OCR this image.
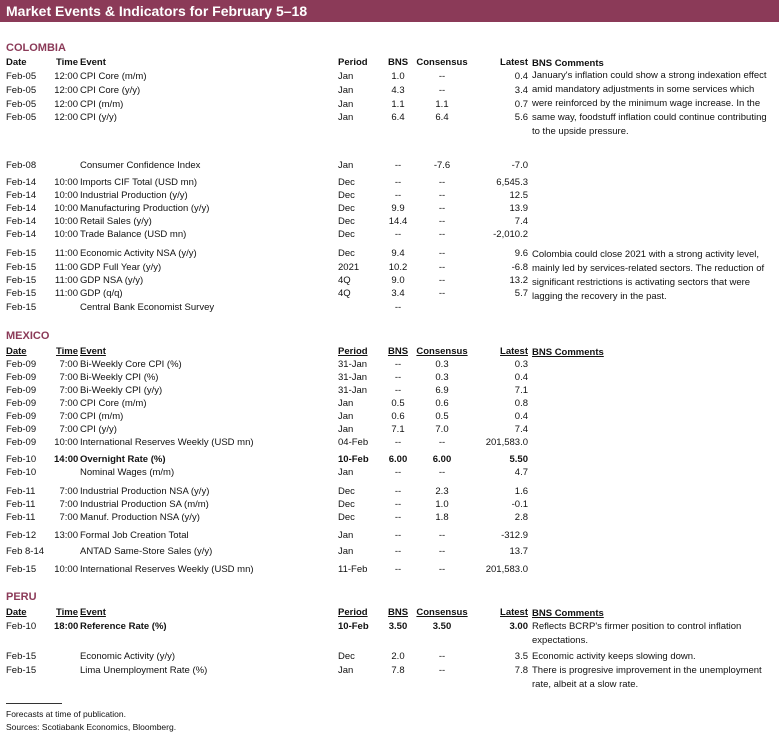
Market Events & Indicators for February 5–18
COLOMBIA
Date	Time Event	Period	BNS Consensus	Latest BNS Comments
Feb-05 12:00 CPI Core (m/m)	Jan	1.0	--	0.4
Feb-05 12:00 CPI Core (y/y)	Jan	4.3	--	3.4
Feb-05 12:00 CPI (m/m)	Jan	1.1	1.1	0.7
Feb-05 12:00 CPI (y/y)	Jan	6.4	6.4	5.6
Feb-08	Consumer Confidence Index	Jan	--	-7.6	-7.0
Feb-14 10:00 Imports CIF Total (USD mn)	Dec	--	--	6,545.3
Feb-14 10:00 Industrial Production (y/y)	Dec	--	--	12.5
Feb-14 10:00 Manufacturing Production (y/y)	Dec	9.9	--	13.9
Feb-14 10:00 Retail Sales (y/y)	Dec	14.4	--	7.4
Feb-14 10:00 Trade Balance (USD mn)	Dec	--	--	-2,010.2
Feb-15 11:00 Economic Activity NSA (y/y)	Dec	9.4	--	9.6
Feb-15 11:00 GDP Full Year (y/y)	2021	10.2	--	-6.8
Feb-15 11:00 GDP NSA (y/y)	4Q	9.0	--	13.2
Feb-15 11:00 GDP (q/q)	4Q	3.4	--	5.7
Feb-15	Central Bank Economist Survey	--
January's inflation could show a strong indexation effect amid mandatory adjustments in some services which were reinforced by the minimum wage increase. In the same way, foodstuff inflation could continue contributing to the upside pressure.
Colombia could close 2021 with a strong activity level, mainly led by services-related sectors. The reduction of significant restrictions is activating sectors that were lagging the recovery in the past.
MEXICO
Date	Time Event	Period	BNS Consensus	Latest BNS Comments
Feb-09	7:00 Bi-Weekly Core CPI (%)	31-Jan	--	0.3	0.3
Feb-09	7:00 Bi-Weekly CPI (%)	31-Jan	--	0.3	0.4
Feb-09	7:00 Bi-Weekly CPI (y/y)	31-Jan	--	6.9	7.1
Feb-09	7:00 CPI Core (m/m)	Jan	0.5	0.6	0.8
Feb-09	7:00 CPI (m/m)	Jan	0.6	0.5	0.4
Feb-09	7:00 CPI (y/y)	Jan	7.1	7.0	7.4
Feb-09 10:00 International Reserves Weekly (USD mn)	04-Feb	--	--	201,583.0
Feb-10 14:00 Overnight Rate (%)	10-Feb	6.00	6.00	5.50
Feb-10	Nominal Wages (m/m)	Jan	--	--	4.7
Feb-11	7:00 Industrial Production NSA (y/y)	Dec	--	2.3	1.6
Feb-11	7:00 Industrial Production SA (m/m)	Dec	--	1.0	-0.1
Feb-11	7:00 Manuf. Production NSA (y/y)	Dec	--	1.8	2.8
Feb-12 13:00 Formal Job Creation Total	Jan	--	--	-312.9
Feb 8-14	ANTAD Same-Store Sales (y/y)	Jan	--	--	13.7
Feb-15 10:00 International Reserves Weekly (USD mn)	11-Feb	--	--	201,583.0
PERU
Date	Time Event	Period	BNS Consensus	Latest BNS Comments
Feb-10 18:00 Reference Rate (%)	10-Feb	3.50	3.50	3.00
Feb-15	Economic Activity (y/y)	Dec	2.0	--	3.5
Feb-15	Lima Unemployment Rate (%)	Jan	7.8	--	7.8
Reflects BCRP's firmer position to control inflation expectations.
Economic activity keeps slowing down.
There is progresive improvement in the unemployment rate, albeit at a slow rate.
Forecasts at time of publication.
Sources: Scotiabank Economics, Bloomberg.
